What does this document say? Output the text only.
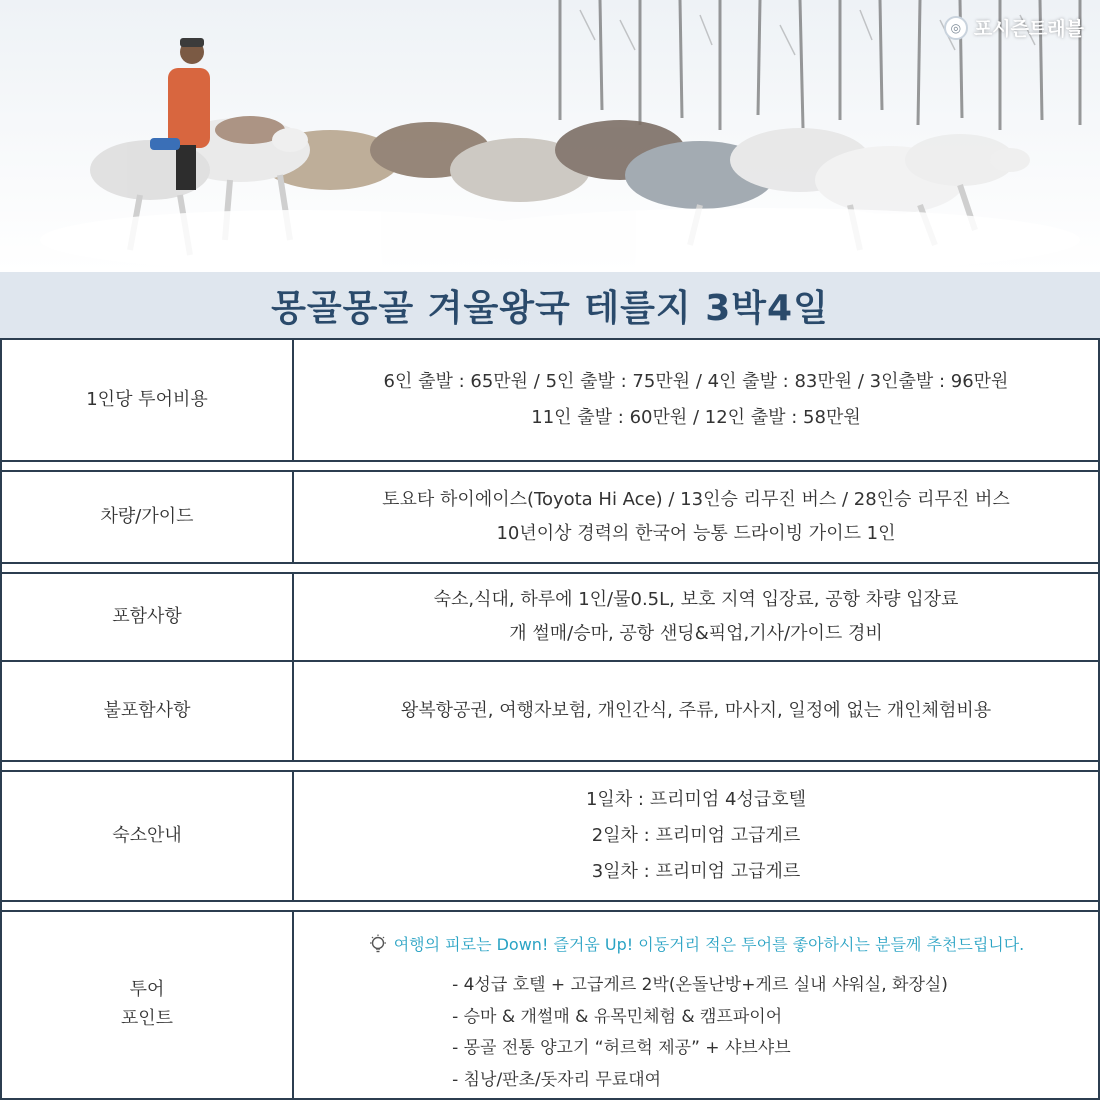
◎ 포시즌트래블
몽골몽골 겨울왕국 테를지 3박4일
1인당 투어비용
6인 출발 : 65만원 / 5인 출발 : 75만원 / 4인 출발 : 83만원 / 3인출발 : 96만원
11인 출발 : 60만원 / 12인 출발 : 58만원
차량/가이드
토요타 하이에이스(Toyota Hi Ace) / 13인승 리무진 버스 / 28인승 리무진 버스
10년이상 경력의 한국어 능통 드라이빙 가이드 1인
포함사항
숙소,식대, 하루에 1인/물0.5L, 보호 지역 입장료, 공항 차량 입장료
개 썰매/승마, 공항 샌딩&픽업,기사/가이드 경비
불포함사항	왕복항공권, 여행자보험, 개인간식, 주류, 마사지, 일정에 없는 개인체험비용
숙소안내
1일차 : 프리미엄 4성급호텔
2일차 : 프리미엄 고급게르
3일차 : 프리미엄 고급게르
투어
포인트
여행의 피로는 Down! 즐거움 Up! 이동거리 적은 투어를 좋아하시는 분들께 추천드립니다.
- 4성급 호텔 + 고급게르 2박(온돌난방+게르 실내 샤워실, 화장실)
- 승마 & 개썰매 & 유목민체험 & 캠프파이어
- 몽골 전통 양고기 “허르헉 제공” + 샤브샤브
- 침낭/판초/돗자리 무료대여
